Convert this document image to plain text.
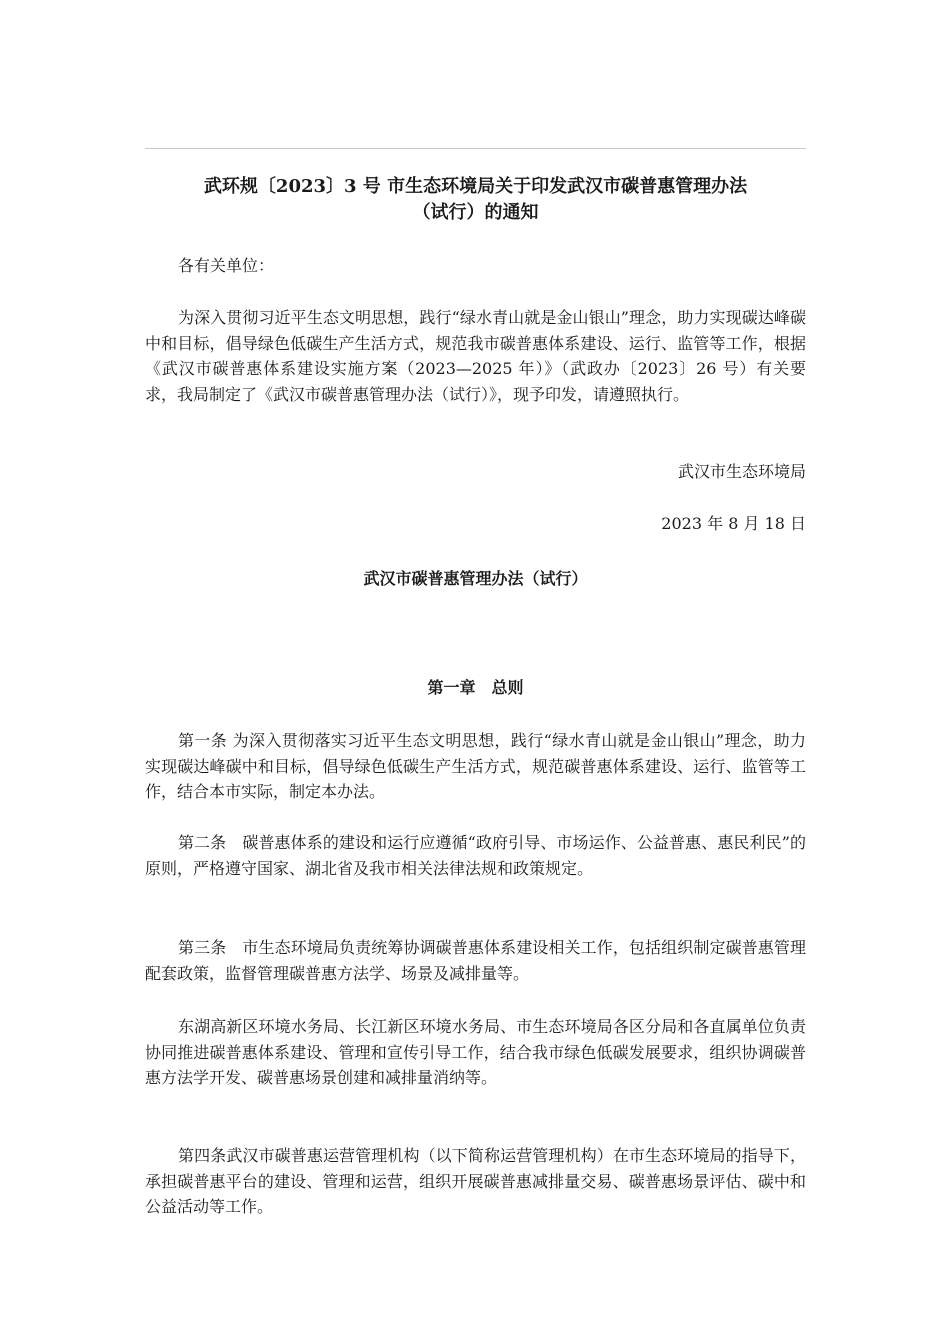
武环规〔2023〕3 号 市生态环境局关于印发武汉市碳普惠管理办法
（试行）的通知

各有关单位：

为深入贯彻习近平生态文明思想，践行“绿水青山就是金山银山”理念，助力实现碳达峰碳中和目标，倡导绿色低碳生产生活方式，规范我市碳普惠体系建设、运行、监管等工作，根据《武汉市碳普惠体系建设实施方案（2023—2025 年）》（武政办〔2023〕26 号）有关要求，我局制定了《武汉市碳普惠管理办法（试行）》，现予印发，请遵照执行。

武汉市生态环境局

2023 年 8 月 18 日

武汉市碳普惠管理办法（试行）

第一章　总则

第一条 为深入贯彻落实习近平生态文明思想，践行“绿水青山就是金山银山”理念，助力实现碳达峰碳中和目标，倡导绿色低碳生产生活方式，规范碳普惠体系建设、运行、监管等工作，结合本市实际，制定本办法。

第二条　碳普惠体系的建设和运行应遵循“政府引导、市场运作、公益普惠、惠民利民”的原则，严格遵守国家、湖北省及我市相关法律法规和政策规定。

第三条　市生态环境局负责统筹协调碳普惠体系建设相关工作，包括组织制定碳普惠管理配套政策，监督管理碳普惠方法学、场景及减排量等。

东湖高新区环境水务局、长江新区环境水务局、市生态环境局各区分局和各直属单位负责协同推进碳普惠体系建设、管理和宣传引导工作，结合我市绿色低碳发展要求，组织协调碳普惠方法学开发、碳普惠场景创建和减排量消纳等。

第四条武汉市碳普惠运营管理机构（以下简称运营管理机构）在市生态环境局的指导下，承担碳普惠平台的建设、管理和运营，组织开展碳普惠减排量交易、碳普惠场景评估、碳中和公益活动等工作。
